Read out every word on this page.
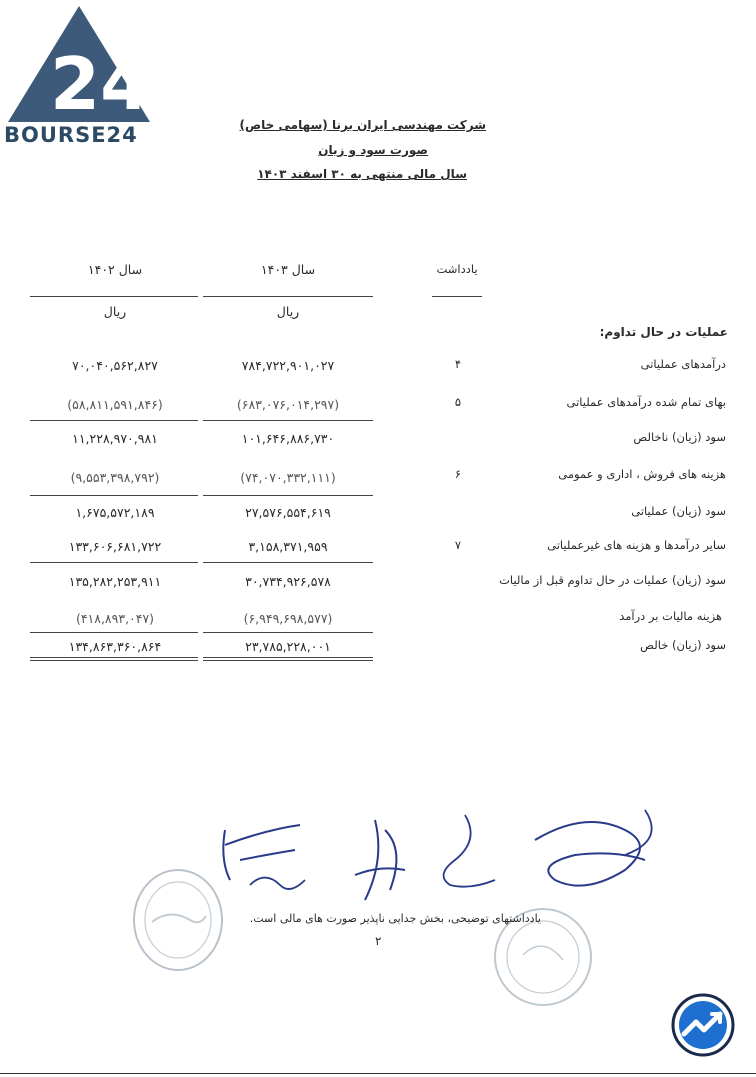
24
BOURSE24	شرکت مهندسی ایران برنا (سهامی خاص)
صورت سود و زیان
سال مالی منتهی به ۳۰ اسفند ۱۴۰۳
یادداشت
سال ۱۴۰۳
سال ۱۴۰۲
ریال
ریال
عملیات در حال تداوم:
درآمدهای عملیاتی
۴
۷۸۴,۷۲۲,۹۰۱,۰۲۷
۷۰,۰۴۰,۵۶۲,۸۲۷
بهای تمام شده درآمدهای عملیاتی
۵
(۶۸۳,۰۷۶,۰۱۴,۲۹۷)
(۵۸,۸۱۱,۵۹۱,۸۴۶)
سود (زیان) ناخالص
۱۰۱,۶۴۶,۸۸۶,۷۳۰
۱۱,۲۲۸,۹۷۰,۹۸۱
هزینه های فروش ، اداری و عمومی
۶
(۷۴,۰۷۰,۳۳۲,۱۱۱)
(۹,۵۵۳,۳۹۸,۷۹۲)
سود (زیان) عملیاتی
۲۷,۵۷۶,۵۵۴,۶۱۹
۱,۶۷۵,۵۷۲,۱۸۹
سایر درآمدها و هزینه های غیرعملیاتی
۷
۳,۱۵۸,۳۷۱,۹۵۹
۱۳۳,۶۰۶,۶۸۱,۷۲۲
سود (زیان) عملیات در حال تداوم قبل از مالیات
۳۰,۷۳۴,۹۲۶,۵۷۸
۱۳۵,۲۸۲,۲۵۳,۹۱۱
هزینه مالیات بر درآمد
(۶,۹۴۹,۶۹۸,۵۷۷)
(۴۱۸,۸۹۳,۰۴۷)
سود (زیان) خالص
۲۳,۷۸۵,۲۲۸,۰۰۱
۱۳۴,۸۶۳,۳۶۰,۸۶۴
یادداشتهای توضیحی، بخش جدایی ناپذیر صورت های مالی است.
۲
